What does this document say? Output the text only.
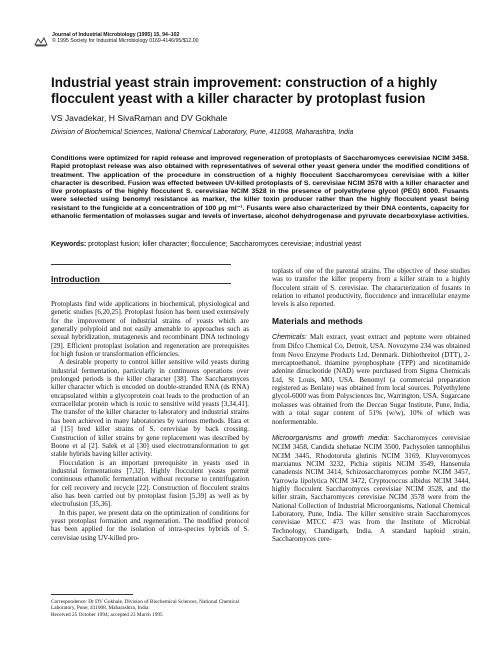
Journal of Industrial Microbiology (1995) 15, 94–102
© 1995 Society for Industrial Microbiology 0169-4146/95/$12.00
Industrial yeast strain improvement: construction of a highly flocculent yeast with a killer character by protoplast fusion
VS Javadekar, H SivaRaman and DV Gokhale
Division of Biochemical Sciences, National Chemical Laboratory, Pune, 411008, Maharashtra, India
Conditions were optimized for rapid release and improved regeneration of protoplasts of Saccharomyces cerevisiae NCIM 3458. Rapid protoplast release was also obtained with representatives of several other yeast genera under the modified conditions of treatment. The application of the procedure in construction of a highly flocculent Saccharomyces cerevisiae with a killer character is described. Fusion was effected between UV-killed protoplasts of S. cerevisiae NCIM 3578 with a killer character and live protoplasts of the highly flocculent S. cerevisiae NCIM 3528 in the presence of polyethylene glycol (PEG) 6000. Fusants were selected using benomyl resistance as marker, the killer toxin producer rather than the highly flocculent yeast being resistant to the fungicide at a concentration of 100 μg ml⁻¹. Fusants were also characterized by their DNA contents, capacity for ethanolic fermentation of molasses sugar and levels of invertase, alcohol dehydrogenase and pyruvate decarboxylase activities.
Keywords: protoplast fusion; killer character; flocculence; Saccharomyces cerevisiae; industrial yeast
Introduction

Protoplasts find wide applications in biochemical, physiological and genetic studies [6,20,25]. Protoplast fusion has been used extensively for the improvement of industrial strains of yeasts which are generally polyploid and not easily amenable to approaches such as sexual hybridization, mutagenesis and recombinant DNA technology [29]. Efficient protoplast isolation and regeneration are prerequisites for high fusion or transformation efficiencies.

A desirable property to control killer sensitive wild yeasts during industrial fermentation, particularly in continuous operations over prolonged periods is the killer character [38]. The Saccharomyces killer character which is encoded on double-stranded RNA (ds RNA) encapsulated within a glycoprotein coat leads to the production of an extracellular protein which is toxic to sensitive wild yeasts [3,34,41]. The transfer of the killer character to laboratory and industrial strains has been achieved in many laboratories by various methods. Hara et al [15] bred killer strains of S. cerevisiae by back crossing. Construction of killer strains by gene replacement was described by Boone et al [2]. Salek et al [30] used electrotransformation to get stable hybrids having killer activity.

Flocculation is an important prerequisite in yeasts used in industrial fermentations [7,32]. Highly flocculent yeasts permit continuous ethanolic fermentation without recourse to centrifugation for cell recovery and recycle [22]. Construction of flocculent strains also has been carried out by protoplast fusion [5,39] as well as by electrofusion [35,36].

In this paper, we present data on the optimization of conditions for yeast protoplast formation and regeneration. The modified protocol has been applied for the isolation of intra-species hybrids of S. cerevisiae using UV-killed pro-

toplasts of one of the parental strains. The objective of these studies was to transfer the killer property from a killer strain to a highly flocculent strain of S. cerevisiae. The characterization of fusants in relation to ethanol productivity, flocculence and intracellular enzyme levels is also reported.

Materials and methods

Chemicals: Malt extract, yeast extract and peptone were obtained from Difco Chemical Co, Detroit, USA. Novozyme 234 was obtained from Novo Enzyme Products Ltd, Denmark. Dithiothreitol (DTT), 2-mercaptoethanol, thiamine pyrophosphate (TPP) and nicotinamide adenine dinucleotide (NAD) were purchased from Sigma Chemicals Ltd, St Louis, MO, USA. Benomyl (a commercial preparation registered as Benlate) was obtained from local sources. Polyethylene glycol-6000 was from Polysciences Inc, Warrington, USA. Sugarcane molasses was obtained from the Deccan Sugar Institute, Pune, India, with a total sugar content of 51% (w/w), 10% of which was nonfermentable.

Microorganisms and growth media: Saccharomyces cerevisiae NCIM 3458, Candida shehatae NCIM 3500, Pachysolen tannophilus NCIM 3445, Rhodotorula glutinis NCIM 3169, Kluyveromyces marxianus NCIM 3232, Pichia stipitis NCIM 3549, Hansenula canadensis NCIM 3414, Schizosaccharomyces pombe NCIM 3457, Yarrowia lipolytica NCIM 3472, Cryptococcus albidus NCIM 3444, highly flocculent Saccharomyces cerevisiae NCIM 3528, and the killer strain, Saccharomyces cerevisiae NCIM 3578 were from the National Collection of Industrial Microorganisms, National Chemical Laboratory, Pune, India. The killer sensitive strain Saccharomyces cerevisiae MTCC 473 was from the Institute of Microbial Technology, Chandigarh, India. A standard haploid strain, Saccharomyces cere-

Correspondence: Dr DV Gokhale, Division of Biochemical Sciences, National Chemical Laboratory, Pune, 411008, Maharashtra, India
Received 25 October 1994; accepted 23 March 1995
